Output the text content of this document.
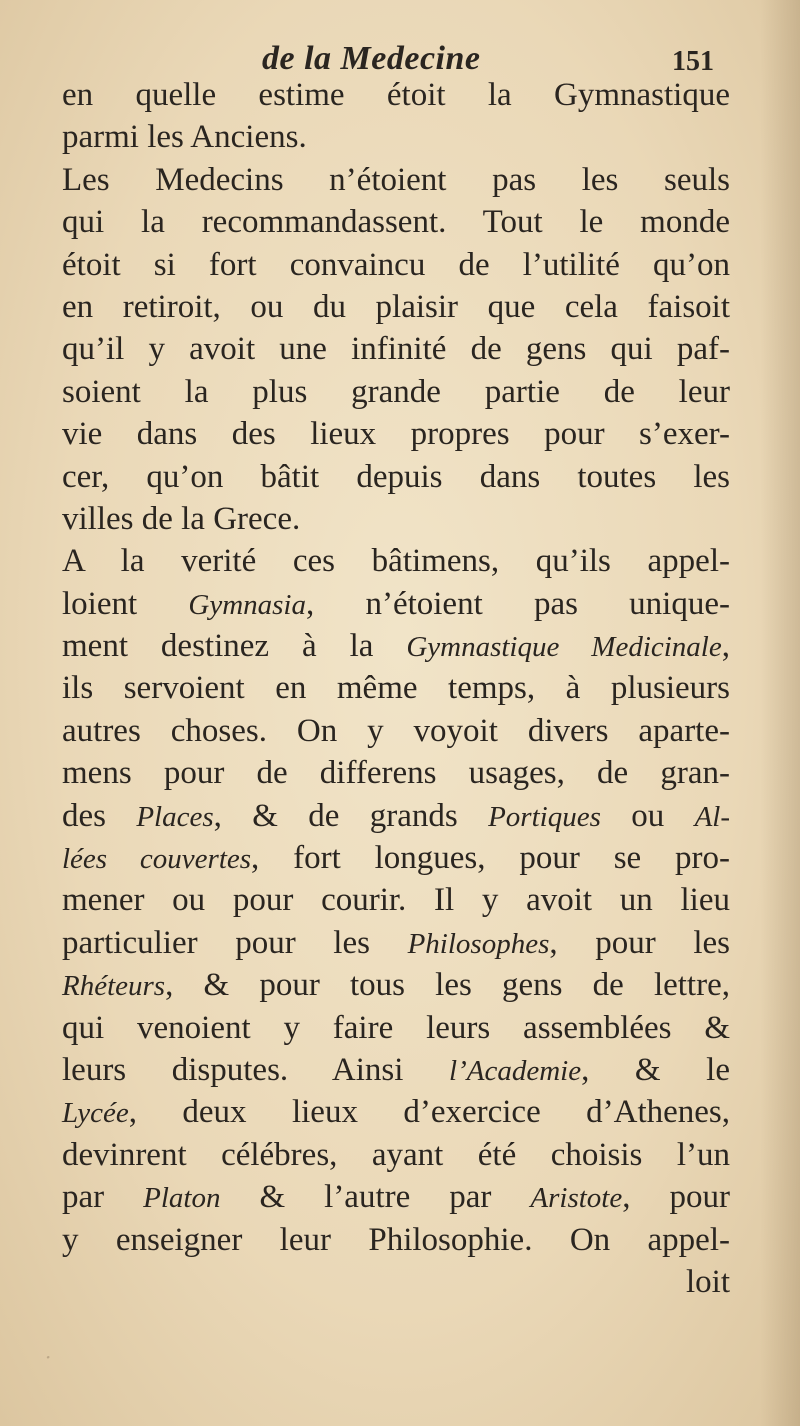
de la Medecine	151
en quelle estime étoit la Gymnastique
parmi les Anciens.
Les Medecins n’étoient pas les seuls
qui la recommandassent. Tout le monde
étoit si fort convaincu de l’utilité qu’on
en retiroit, ou du plaisir que cela faisoit
qu’il y avoit une infinité de gens qui paf-
soient la plus grande partie de leur
vie dans des lieux propres pour s’exer-
cer, qu’on bâtit depuis dans toutes les
villes de la Grece.
A la verité ces bâtimens, qu’ils appel-
loient Gymnasia, n’étoient pas unique-
ment destinez à la Gymnastique Medicinale,
ils servoient en même temps, à plusieurs
autres choses. On y voyoit divers aparte-
mens pour de differens usages, de gran-
des Places, & de grands Portiques ou Al-
lées couvertes, fort longues, pour se pro-
mener ou pour courir. Il y avoit un lieu
particulier pour les Philosophes, pour les
Rhéteurs, & pour tous les gens de lettre,
qui venoient y faire leurs assemblées &
leurs disputes. Ainsi l’Academie, & le
Lycée, deux lieux d’exercice d’Athenes,
devinrent célébres, ayant été choisis l’un
par Platon & l’autre par Aristote, pour
y enseigner leur Philosophie. On appel-
loit
·
